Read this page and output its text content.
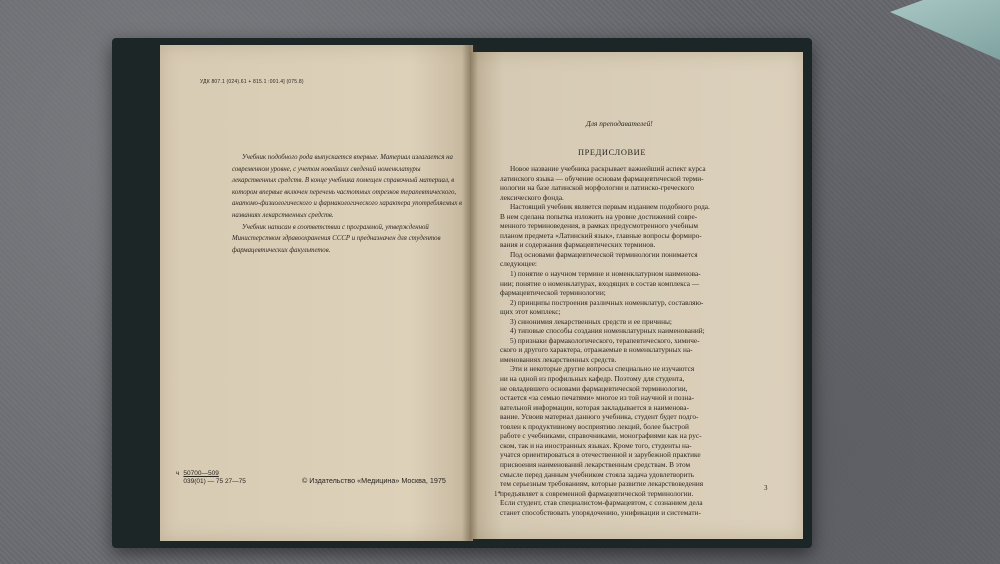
УДК 807.1 (024).61 + 815.1 :001.4] (075.8)

Учебник подобного рода выпускается впервые. Материал излагается на современном уровне, с учетом новейших сведений номенклатуры лекарственных средств. В конце учебника помещен справочный материал, в котором впервые включен перечень частотных отрезков терапевтического, анатомо-физиологического и фармакологического характера употребляемых в названиях лекарственных средств.

Учебник написан в соответствии с программой, утвержденной Министерством здравоохранения СССР и предназначен для студентов фармацевтических факультетов.

ч 50700—509
039(01) — 75 27—75	© Издательство «Медицина» Москва, 1975
Для преподавателей!
ПРЕДИСЛОВИЕ
Новое название учебника раскрывает важнейший аспект курса
латинского языка — обучение основам фармацевтической терми-
нологии на базе латинской морфологии и латинско-греческого
лексического фонда.
Настоящий учебник является первым изданием подобного рода.
В нем сделана попытка изложить на уровне достижений совре-
менного терминоведения, в рамках предусмотренного учебным
планом предмета «Латинский язык», главные вопросы формиро-
вания и содержания фармацевтических терминов.
Под основами фармацевтической терминологии понимается
следующее:
1) понятие о научном термине и номенклатурном наименова-
нии; понятие о номенклатурах, входящих в состав комплекса —
фармацевтической терминологии;
2) принципы построения различных номенклатур, составляю-
щих этот комплекс;
3) синонимия лекарственных средств и ее причины;
4) типовые способы создания номенклатурных наименований;
5) признаки фармакологического, терапевтического, химиче-
ского и другого характера, отражаемые в номенклатурных на-
именованиях лекарственных средств.
Эти и некоторые другие вопросы специально не изучаются
ни на одной из профильных кафедр. Поэтому для студента,
не овладевшего основами фармацевтической терминологии,
остается «за семью печатями» многое из той научной и позна-
вательной информации, которая закладывается в наименова-
вание. Усвоив материал данного учебника, студент будет подго-
товлен к продуктивному восприятию лекций, более быстрой
работе с учебниками, справочниками, монографиями как на рус-
ском, так и на иностранных языках. Кроме того, студенты на-
учатся ориентироваться в отечественной и зарубежной практике
присвоения наименований лекарственным средствам. В этом
смысле перед данным учебником стояла задача удовлетворить
тем серьезным требованиям, которые развитие лекарствоведения
предъявляет к современной фармацевтической терминологии.
Если студент, став специалистом-фармацевтом, с сознанием дела
станет способствовать упорядочению, унификации и системати-
1*
3
